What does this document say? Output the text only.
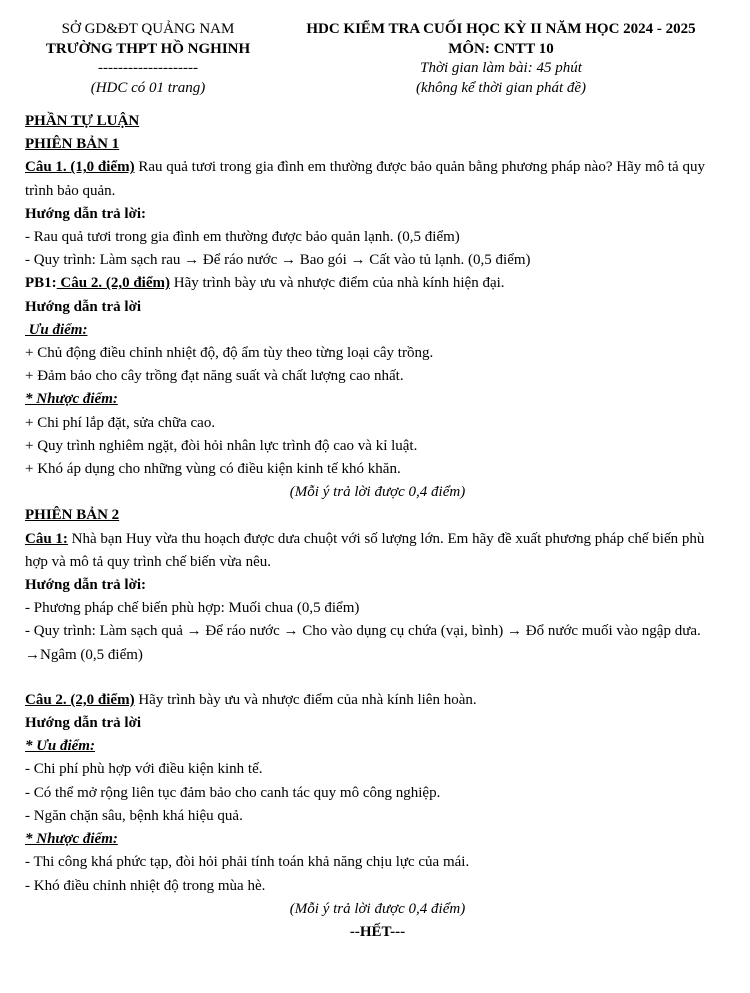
SỞ GD&ĐT QUẢNG NAM
TRƯỜNG THPT HỒ NGHINH
--------------------
(HDC có 01 trang)
HDC KIỂM TRA CUỐI HỌC KỲ II NĂM HỌC 2024 - 2025
MÔN: CNTT 10
Thời gian làm bài: 45 phút
(không kể thời gian phát đề)

PHẦN TỰ LUẬN

PHIÊN BẢN 1

Câu 1. (1,0 điểm) Rau quả tươi trong gia đình em thường được bảo quản bằng phương pháp nào? Hãy mô tả quy trình bảo quản.

Hướng dẫn trả lời:

- Rau quả tươi trong gia đình em thường được bảo quản lạnh. (0,5 điểm)

- Quy trình: Làm sạch rau → Để ráo nước → Bao gói → Cất vào tủ lạnh. (0,5 điểm)

PB1: Câu 2. (2,0 điểm) Hãy trình bày ưu và nhược điểm của nhà kính hiện đại.

Hướng dẫn trả lời

Ưu điểm:

+ Chủ động điều chỉnh nhiệt độ, độ ẩm tùy theo từng loại cây trồng.

+ Đảm bảo cho cây trồng đạt năng suất và chất lượng cao nhất.

* Nhược điểm:

+ Chi phí lắp đặt, sửa chữa cao.

+ Quy trình nghiêm ngặt, đòi hỏi nhân lực trình độ cao và kỉ luật.

+ Khó áp dụng cho những vùng có điều kiện kinh tế khó khăn.

(Mỗi ý trả lời được 0,4 điểm)

PHIÊN BẢN 2

Câu 1: Nhà bạn Huy vừa thu hoạch được dưa chuột với số lượng lớn. Em hãy đề xuất phương pháp chế biến phù hợp và mô tả quy trình chế biến vừa nêu.

Hướng dẫn trả lời:

- Phương pháp chế biến phù hợp: Muối chua (0,5 điểm)

- Quy trình: Làm sạch quả → Để ráo nước → Cho vào dụng cụ chứa (vại, bình) → Đổ nước muối vào ngập dưa. →Ngâm (0,5 điểm)

Câu 2. (2,0 điểm) Hãy trình bày ưu và nhược điểm của nhà kính liên hoàn.

Hướng dẫn trả lời

* Ưu điểm:

- Chi phí phù hợp với điều kiện kinh tế.

- Có thể mở rộng liên tục đảm bảo cho canh tác quy mô công nghiệp.

- Ngăn chặn sâu, bệnh khá hiệu quả.

* Nhược điểm:

- Thi công khá phức tạp, đòi hỏi phải tính toán khả năng chịu lực của mái.

- Khó điều chỉnh nhiệt độ trong mùa hè.

(Mỗi ý trả lời được 0,4 điểm)

--HẾT---
